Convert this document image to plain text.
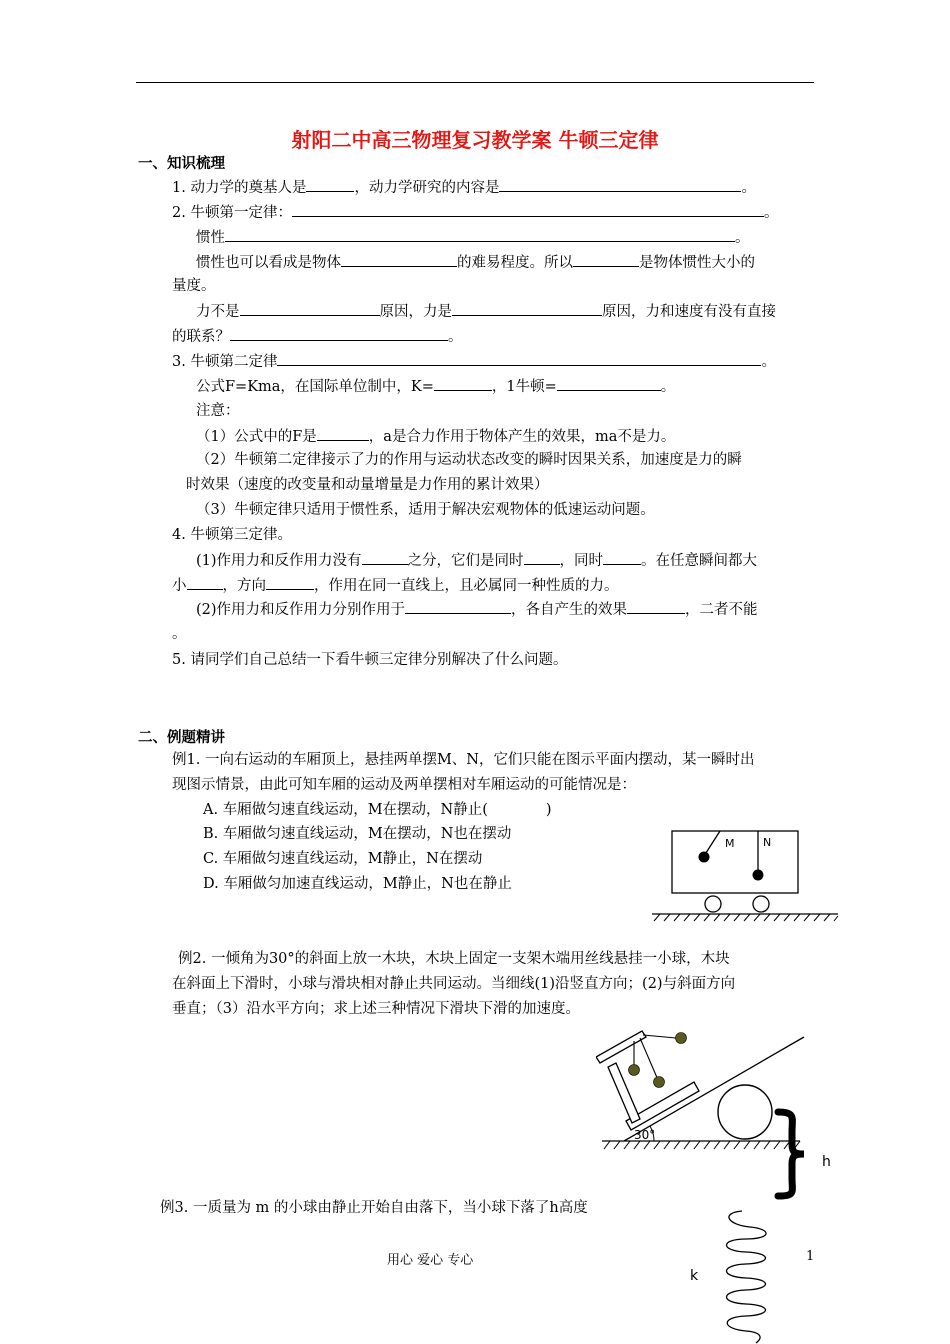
射阳二中高三物理复习教学案 牛顿三定律
一、知识梳理
1. 动力学的奠基人是	，动力学研究的内容是	。
2. 牛顿第一定律：	。
惯性	。
惯性也可以看成是物体	的难易程度。所以	是物体惯性大小的
量度。
力不是	原因，力是	原因，力和速度有没有直接
的联系？	。
3. 牛顿第二定律	。
公式F=Kma，在国际单位制中，K=	，1牛顿=	。
注意：
（1）公式中的F是	，a是合力作用于物体产生的效果，ma不是力。
（2）牛顿第二定律接示了力的作用与运动状态改变的瞬时因果关系，加速度是力的瞬
时效果（速度的改变量和动量增量是力作用的累计效果）
（3）牛顿定律只适用于惯性系，适用于解决宏观物体的低速运动问题。
4. 牛顿第三定律。
(1)作用力和反作用力没有	之分，它们是同时 ，同时	。在任意瞬间都大
小 ，方向	，作用在同一直线上，且必属同一种性质的力。
(2)作用力和反作用力分别作用于	，各自产生的效果	，二者不能
。
5. 请同学们自己总结一下看牛顿三定律分别解决了什么问题。
二、例题精讲
例1. 一向右运动的车厢顶上，悬挂两单摆M、N，它们只能在图示平面内摆动，某一瞬时出
现图示情景，由此可知车厢的运动及两单摆相对车厢运动的可能情况是：
A. 车厢做匀速直线运动，M在摆动，N静止(	)
B. 车厢做匀速直线运动，M在摆动，N也在摆动
C. 车厢做匀速直线运动，M静止，N在摆动
D. 车厢做匀加速直线运动，M静止，N也在静止
M	N
例2. 一倾角为30°的斜面上放一木块，木块上固定一支架木端用丝线悬挂一小球，木块
在斜面上下滑时，小球与滑块相对静止共同运动。当细线(1)沿竖直方向；(2)与斜面方向
垂直；（3）沿水平方向；求上述三种情况下滑块下滑的加速度。
30°
h
例3. 一质量为 m 的小球由静止开始自由落下，当小球下落了h高度
k
用心 爱心 专心	1
